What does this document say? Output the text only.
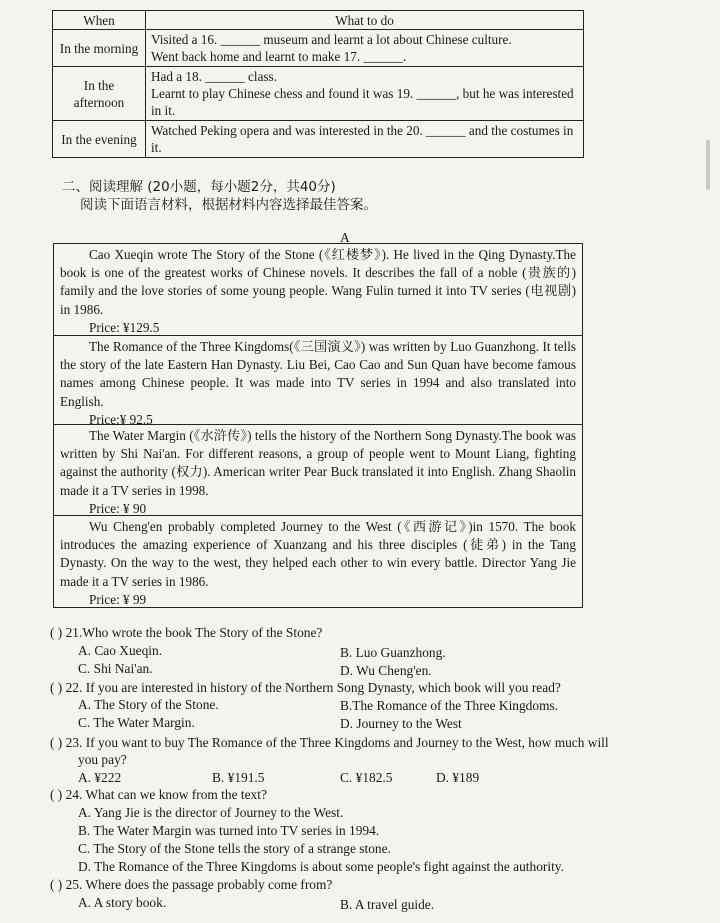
When	What to do
In the morning	Visited a 16. ______ museum and learnt a lot about Chinese culture.
Went back home and learnt to make 17. ______.

In the afternoon	Had a 18. ______ class.
Learnt to play Chinese chess and found it was 19. ______, but he was interested in it.

In the evening	Watched Peking opera and was interested in the 20. ______ and the costumes in it.
二、阅读理解 (20小题，每小题2分，共40分)
阅读下面语言材料，根据材料内容选择最佳答案。
A
Cao Xueqin wrote The Story of the Stone (《红楼梦》). He lived in the Qing Dynasty.The book is one of the greatest works of Chinese novels. It describes the fall of a noble (贵族的) family and the love stories of some young people. Wang Fulin turned it into TV series (电视剧) in 1986.
Price: ¥129.5
The Romance of the Three Kingdoms(《三国演义》) was written by Luo Guanzhong. It tells the story of the late Eastern Han Dynasty. Liu Bei, Cao Cao and Sun Quan have become famous names among Chinese people. It was made into TV series in 1994 and also translated into English.
Price:¥ 92.5
The Water Margin (《水浒传》) tells the history of the Northern Song Dynasty.The book was written by Shi Nai'an. For different reasons, a group of people went to Mount Liang, fighting against the authority (权力). American writer Pear Buck translated it into English. Zhang Shaolin made it a TV series in 1998.
Price: ¥ 90
Wu Cheng'en probably completed Journey to the West (《西游记》)in 1570. The book introduces the amazing experience of Xuanzang and his three disciples (徒弟) in the Tang Dynasty. On the way to the west, they helped each other to win every battle. Director Yang Jie made it a TV series in 1986.
Price: ¥ 99
( ) 21.Who wrote the book The Story of the Stone?
A. Cao Xueqin.	B. Luo Guanzhong.
C. Shi Nai'an.	D. Wu Cheng'en.
( ) 22. If you are interested in history of the Northern Song Dynasty, which book will you read?
A. The Story of the Stone.	B.The Romance of the Three Kingdoms.
C. The Water Margin.	D. Journey to the West
( ) 23. If you want to buy The Romance of the Three Kingdoms and Journey to the West, how much will
you pay?
A. ¥222	B. ¥191.5	C. ¥182.5	D. ¥189
( ) 24. What can we know from the text?
A. Yang Jie is the director of Journey to the West.
B. The Water Margin was turned into TV series in 1994.
C. The Story of the Stone tells the story of a strange stone.
D. The Romance of the Three Kingdoms is about some people's fight against the authority.
( ) 25. Where does the passage probably come from?
A. A story book.	B. A travel guide.
